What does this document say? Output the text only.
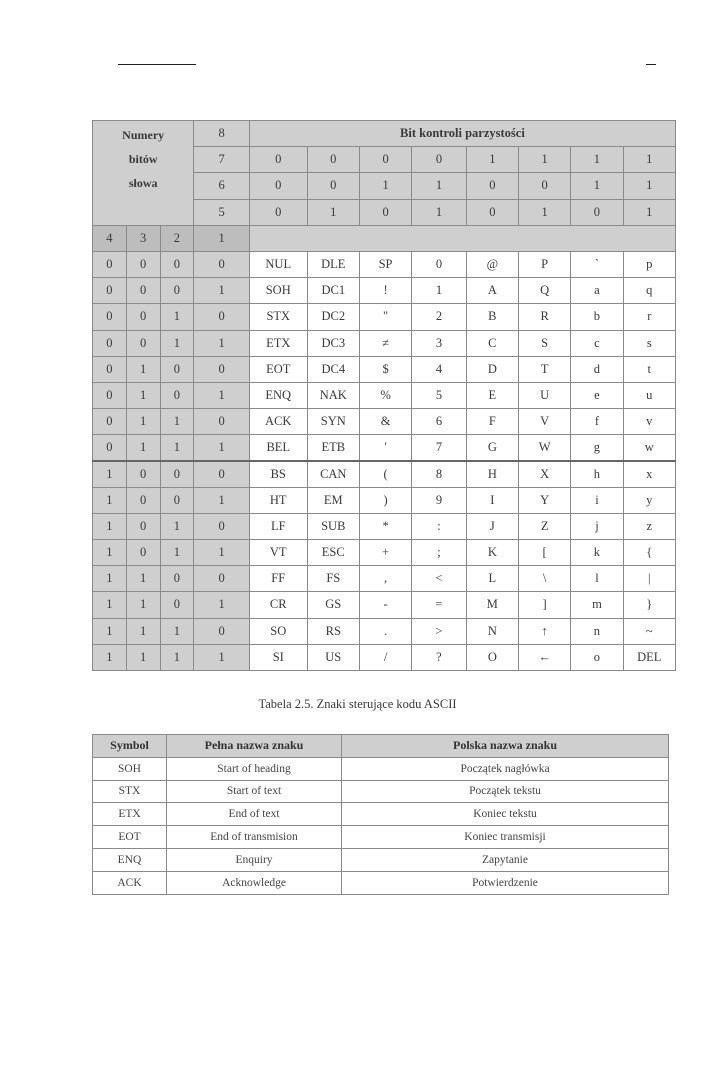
Numery
bitów
słowa			8	Bit kontroli parzystości							
			7	0	0	0	0	1	1	1	1
			6	0	0	1	1	0	0	1	1
			5	0	1	0	1	0	1	0	1
4	3	2	1								
0	0	0	0	NUL	DLE	SP	0	@	P	`	p
0	0	0	1	SOH	DC1	!	1	A	Q	a	q
0	0	1	0	STX	DC2	"	2	B	R	b	r
0	0	1	1	ETX	DC3	≠	3	C	S	c	s
0	1	0	0	EOT	DC4	$	4	D	T	d	t
0	1	0	1	ENQ	NAK	%	5	E	U	e	u
0	1	1	0	ACK	SYN	&	6	F	V	f	v
0	1	1	1	BEL	ETB	'	7	G	W	g	w
1	0	0	0	BS	CAN	(	8	H	X	h	x
1	0	0	1	HT	EM	)	9	I	Y	i	y
1	0	1	0	LF	SUB	*	:	J	Z	j	z
1	0	1	1	VT	ESC	+	;	K	[	k	{
1	1	0	0	FF	FS	,	<	L	\	l	|
1	1	0	1	CR	GS	-	=	M	]	m	}
1	1	1	0	SO	RS	.	>	N	↑	n	~
1	1	1	1	SI	US	/	?	O	←	o	DEL
Tabela 2.5. Znaki sterujące kodu ASCII
Symbol	Pełna nazwa znaku	Polska nazwa znaku
SOH	Start of heading	Początek nagłówka
STX	Start of text	Początek tekstu
ETX	End of text	Koniec tekstu
EOT	End of transmision	Koniec transmisji
ENQ	Enquiry	Zapytanie
ACK	Acknowledge	Potwierdzenie
